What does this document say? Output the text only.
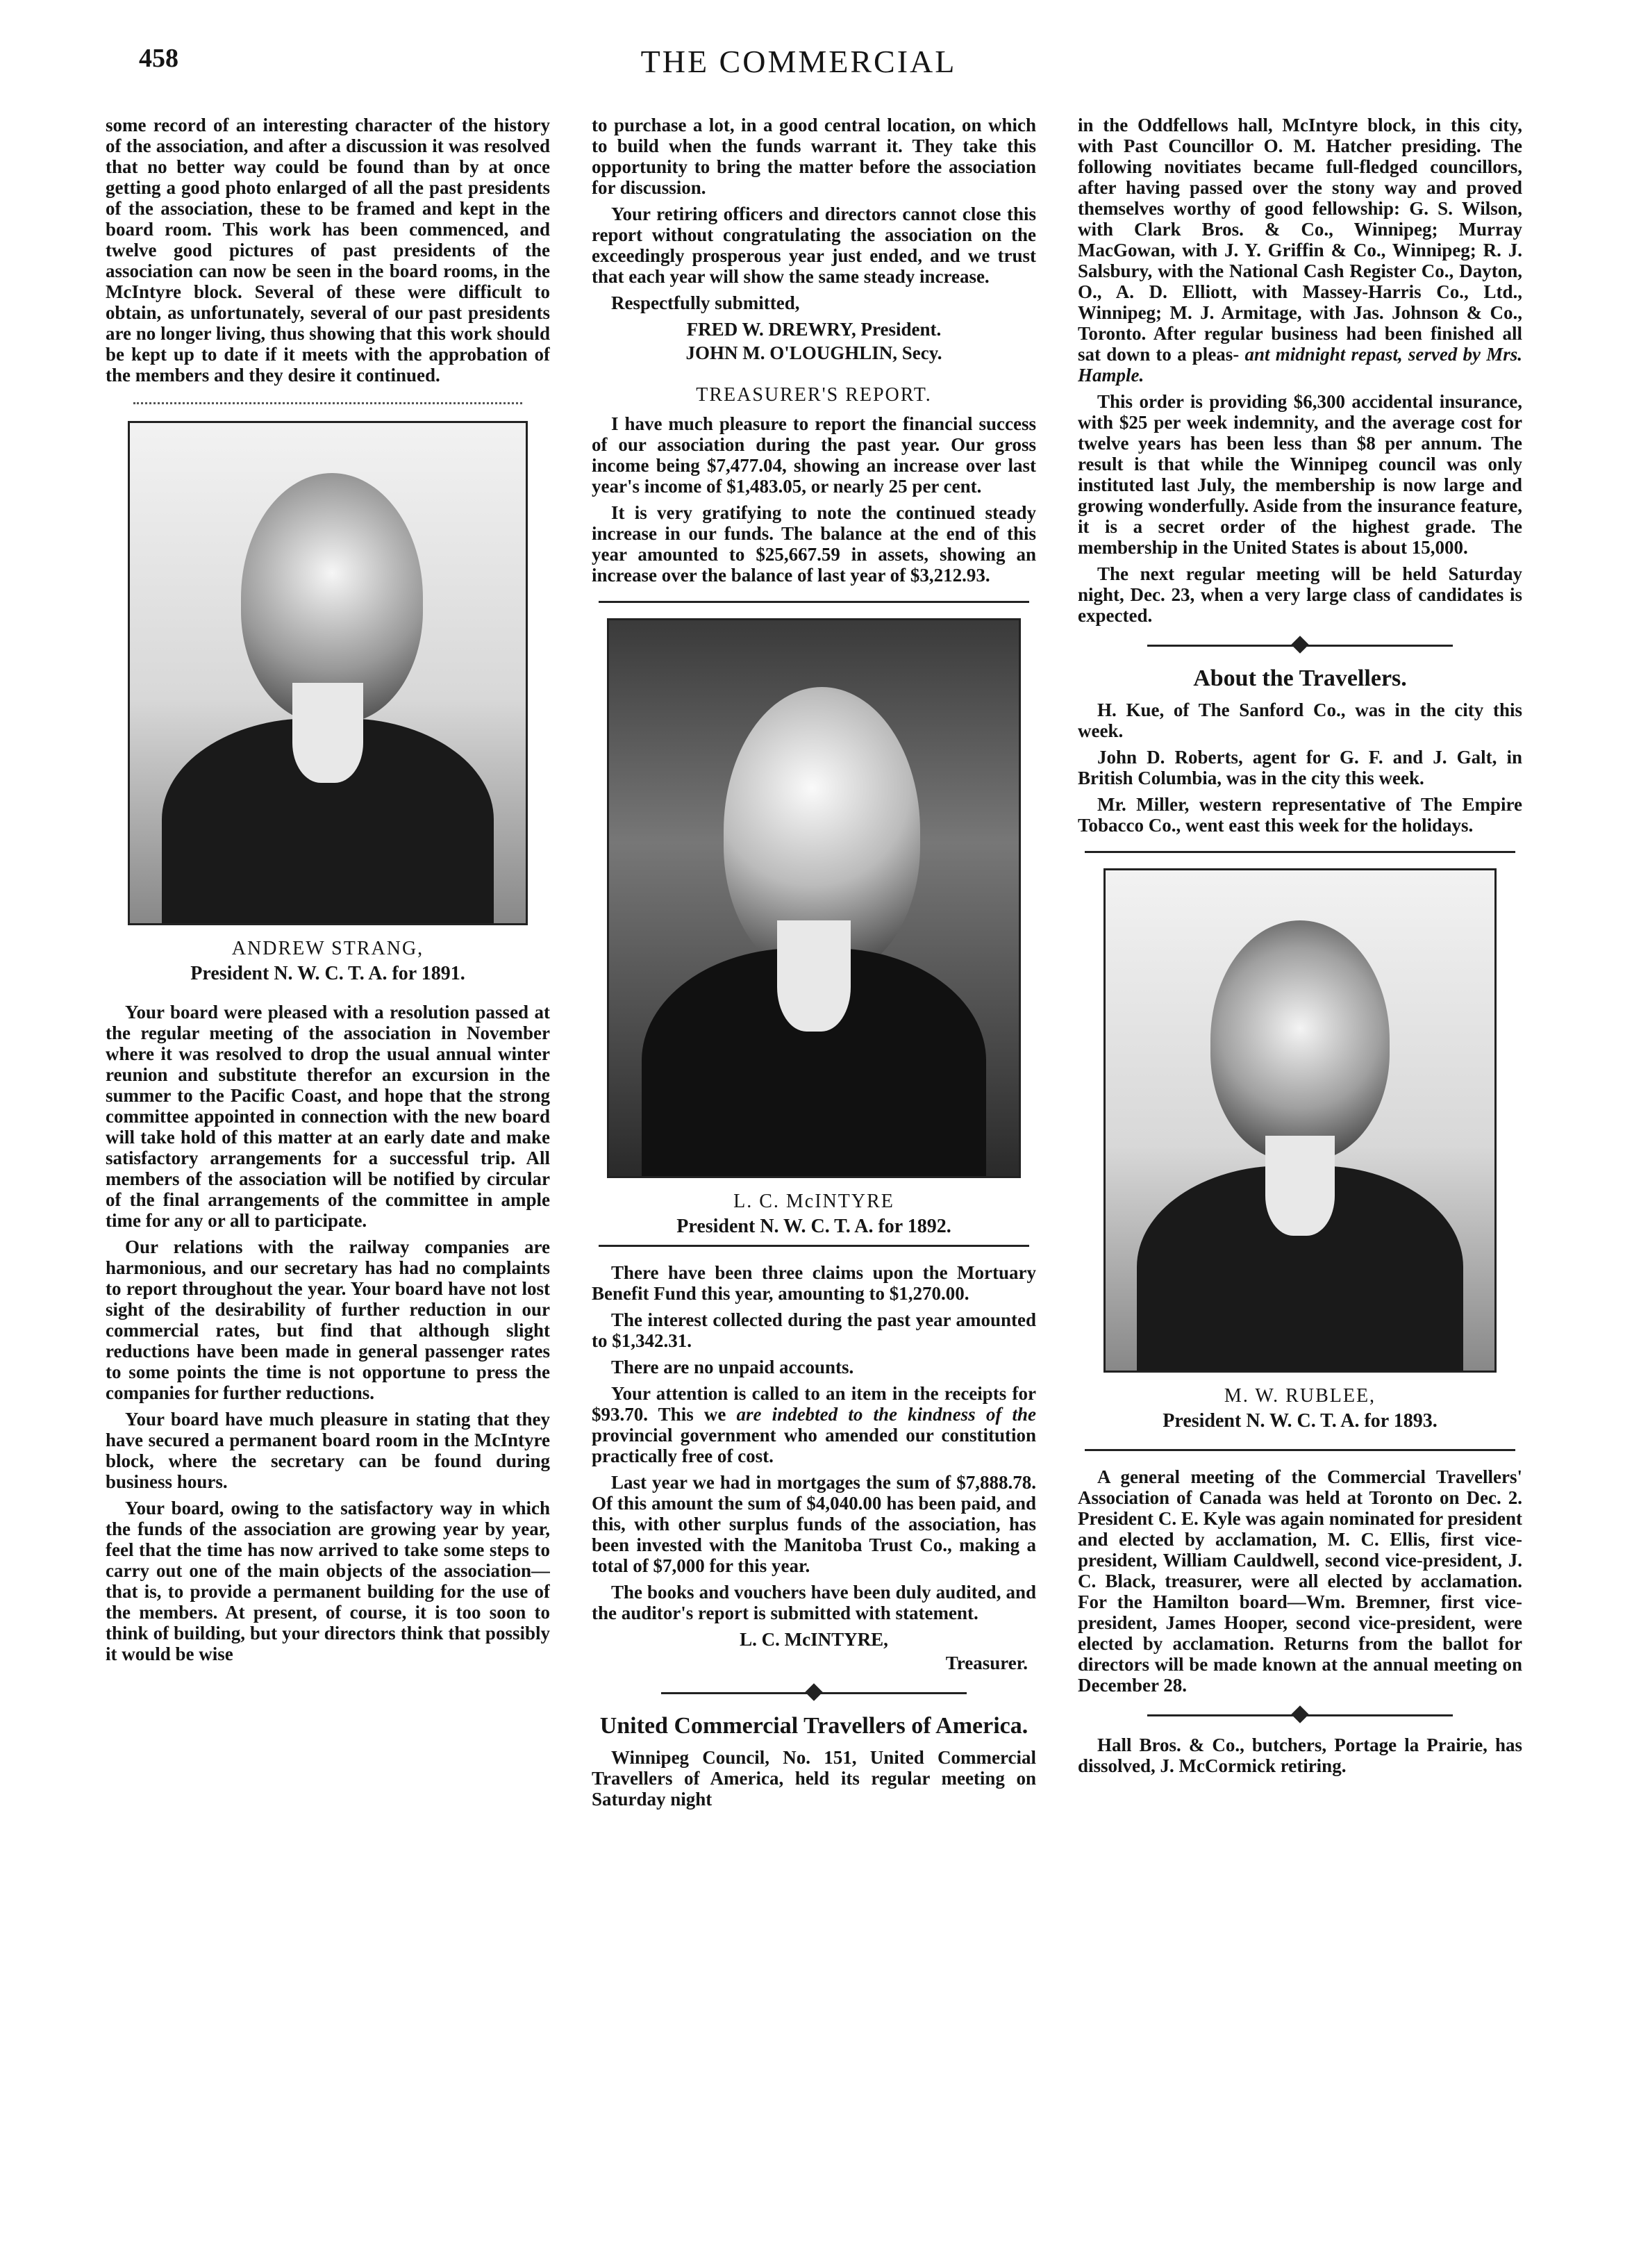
458	THE COMMERCIAL

some record of an interesting character of the history of the association, and after a discussion it was resolved that no better way could be found than by at once getting a good photo enlarged of all the past presidents of the association, these to be framed and kept in the board room. This work has been commenced, and twelve good pictures of past presidents of the association can now be seen in the board rooms, in the McIntyre block. Several of these were difficult to obtain, as unfortunately, several of our past presidents are no longer living, thus showing that this work should be kept up to date if it meets with the approbation of the members and they desire it continued.

ANDREW STRANG,
President N. W. C. T. A. for 1891.

Your board were pleased with a resolution passed at the regular meeting of the association in November where it was resolved to drop the usual annual winter reunion and substitute therefor an excursion in the summer to the Pacific Coast, and hope that the strong committee appointed in connection with the new board will take hold of this matter at an early date and make satisfactory arrangements for a successful trip. All members of the association will be notified by circular of the final arrangements of the committee in ample time for any or all to participate.

Our relations with the railway companies are harmonious, and our secretary has had no complaints to report throughout the year. Your board have not lost sight of the desirability of further reduction in our commercial rates, but find that although slight reductions have been made in general passenger rates to some points the time is not opportune to press the companies for further reductions.

Your board have much pleasure in stating that they have secured a permanent board room in the McIntyre block, where the secretary can be found during business hours.

Your board, owing to the satisfactory way in which the funds of the association are growing year by year, feel that the time has now arrived to take some steps to carry out one of the main objects of the association—that is, to provide a permanent building for the use of the members. At present, of course, it is too soon to think of building, but your directors think that possibly it would be wise

to purchase a lot, in a good central location, on which to build when the funds warrant it. They take this opportunity to bring the matter before the association for discussion.

Your retiring officers and directors cannot close this report without congratulating the association on the exceedingly prosperous year just ended, and we trust that each year will show the same steady increase.

Respectfully submitted,

FRED W. DREWRY, President.

JOHN M. O'LOUGHLIN, Secy.

TREASURER'S REPORT.

I have much pleasure to report the financial success of our association during the past year. Our gross income being $7,477.04, showing an increase over last year's income of $1,483.05, or nearly 25 per cent.

It is very gratifying to note the continued steady increase in our funds. The balance at the end of this year amounted to $25,667.59 in assets, showing an increase over the balance of last year of $3,212.93.

L. C. McINTYRE
President N. W. C. T. A. for 1892.

There have been three claims upon the Mortuary Benefit Fund this year, amounting to $1,270.00.

The interest collected during the past year amounted to $1,342.31.

There are no unpaid accounts.

Your attention is called to an item in the receipts for $93.70. This we are indebted to the kindness of the provincial government who amended our constitution practically free of cost.

Last year we had in mortgages the sum of $7,888.78. Of this amount the sum of $4,040.00 has been paid, and this, with other surplus funds of the association, has been invested with the Manitoba Trust Co., making a total of $7,000 for this year.

The books and vouchers have been duly audited, and the auditor's report is submitted with statement.

L. C. McINTYRE,

Treasurer.

United Commercial Travellers of America.

Winnipeg Council, No. 151, United Commercial Travellers of America, held its regular meeting on Saturday night

in the Oddfellows hall, McIntyre block, in this city, with Past Councillor O. M. Hatcher presiding. The following novitiates became full-fledged councillors, after having passed over the stony way and proved themselves worthy of good fellowship: G. S. Wilson, with Clark Bros. & Co., Winnipeg; Murray MacGowan, with J. Y. Griffin & Co., Winnipeg; R. J. Salsbury, with the National Cash Register Co., Dayton, O., A. D. Elliott, with Massey-Harris Co., Ltd., Winnipeg; M. J. Armitage, with Jas. Johnson & Co., Toronto. After regular business had been finished all sat down to a pleas- ant midnight repast, served by Mrs. Hample.

This order is providing $6,300 accidental insurance, with $25 per week indemnity, and the average cost for twelve years has been less than $8 per annum. The result is that while the Winnipeg council was only instituted last July, the membership is now large and growing wonderfully. Aside from the insurance feature, it is a secret order of the highest grade. The membership in the United States is about 15,000.

The next regular meeting will be held Saturday night, Dec. 23, when a very large class of candidates is expected.

About the Travellers.

H. Kue, of The Sanford Co., was in the city this week.

John D. Roberts, agent for G. F. and J. Galt, in British Columbia, was in the city this week.

Mr. Miller, western representative of The Empire Tobacco Co., went east this week for the holidays.

M. W. RUBLEE,
President N. W. C. T. A. for 1893.

A general meeting of the Commercial Travellers' Association of Canada was held at Toronto on Dec. 2. President C. E. Kyle was again nominated for president and elected by acclamation, M. C. Ellis, first vice-president, William Cauldwell, second vice-president, J. C. Black, treasurer, were all elected by acclamation. For the Hamilton board—Wm. Bremner, first vice-president, James Hooper, second vice-president, were elected by acclamation. Returns from the ballot for directors will be made known at the annual meeting on December 28.

Hall Bros. & Co., butchers, Portage la Prairie, has dissolved, J. McCormick retiring.
